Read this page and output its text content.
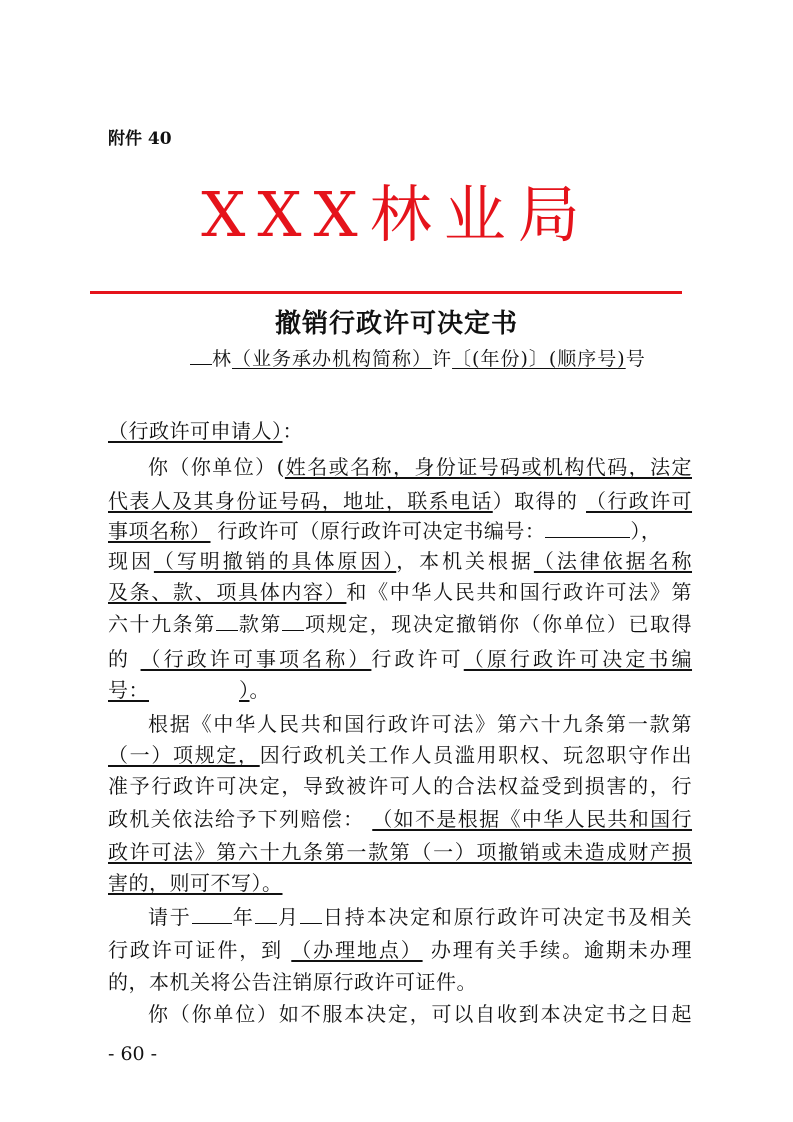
附件 40
XXX林业局
撤销行政许可决定书
林（业务承办机构简称）许〔(年份)〕(顺序号)号
（行政许可申请人）：
你（你单位）(姓名或名称，身份证号码或机构代码，法定
代表人及其身份证号码，地址，联系电话）取得的 （行政许可
事项名称） 行政许可（原行政许可决定书编号：	），
现因（写明撤销的具体原因），本机关根据（法律依据名称
及条、款、项具体内容）和《中华人民共和国行政许可法》第
六十九条第 款第 项规定，现决定撤销你（你单位）已取得
的 （行政许可事项名称）行政许可（原行政许可决定书编
号：	）。
根据《中华人民共和国行政许可法》第六十九条第一款第
（一）项规定，因行政机关工作人员滥用职权、玩忽职守作出
准予行政许可决定，导致被许可人的合法权益受到损害的，行
政机关依法给予下列赔偿： （如不是根据《中华人民共和国行
政许可法》第六十九条第一款第（一）项撤销或未造成财产损
害的，则可不写）。
请于 年 月 日持本决定和原行政许可决定书及相关
行政许可证件，到 （办理地点） 办理有关手续。逾期未办理
的，本机关将公告注销原行政许可证件。
你（你单位）如不服本决定，可以自收到本决定书之日起
- 60 -
